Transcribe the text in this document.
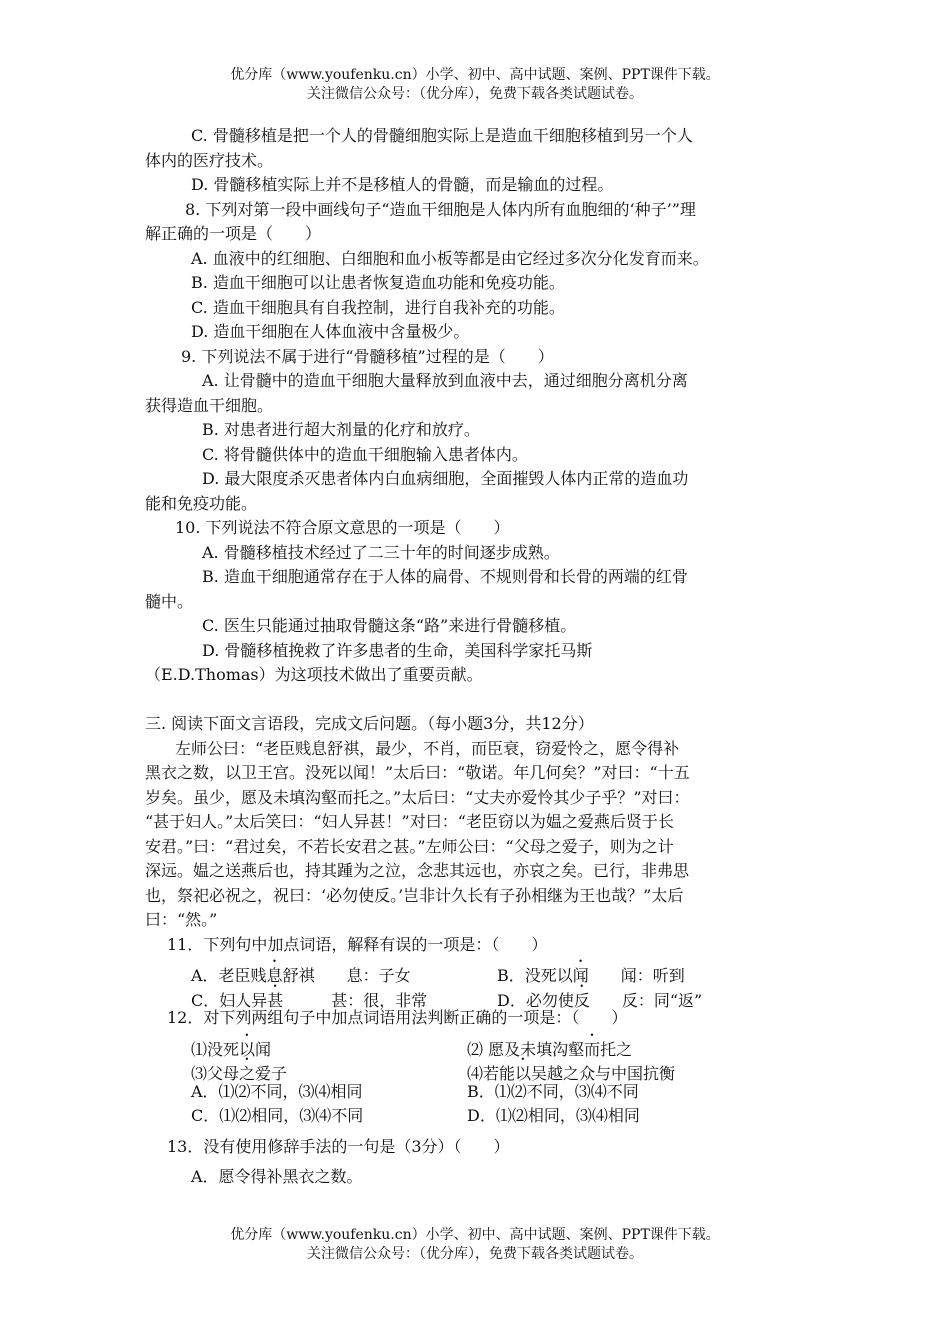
优分库（www.youfenku.cn）小学、初中、高中试题、案例、PPT课件下载。
关注微信公众号：（优分库），免费下载各类试题试卷。
C. 骨髓移植是把一个人的骨髓细胞实际上是造血干细胞移植到另一个人
体内的医疗技术。
D. 骨髓移植实际上并不是移植人的骨髓，而是输血的过程。
8. 下列对第一段中画线句子“造血干细胞是人体内所有血胞细的‘种子’”理
解正确的一项是（　　）
A. 血液中的红细胞、白细胞和血小板等都是由它经过多次分化发育而来。
B. 造血干细胞可以让患者恢复造血功能和免疫功能。
C. 造血干细胞具有自我控制，进行自我补充的功能。
D. 造血干细胞在人体血液中含量极少。
9. 下列说法不属于进行“骨髓移植”过程的是（　　）
A. 让骨髓中的造血干细胞大量释放到血液中去，通过细胞分离机分离
获得造血干细胞。
B. 对患者进行超大剂量的化疗和放疗。
C. 将骨髓供体中的造血干细胞输入患者体内。
D. 最大限度杀灭患者体内白血病细胞，全面摧毁人体内正常的造血功
能和免疫功能。
10. 下列说法不符合原文意思的一项是（　　）
A. 骨髓移植技术经过了二三十年的时间逐步成熟。
B. 造血干细胞通常存在于人体的扁骨、不规则骨和长骨的两端的红骨
髓中。
C. 医生只能通过抽取骨髓这条“路”来进行骨髓移植。
D. 骨髓移植挽救了许多患者的生命，美国科学家托马斯
（E.D.Thomas）为这项技术做出了重要贡献。
三. 阅读下面文言语段，完成文后问题。（每小题3分，共12分）
左师公曰：“老臣贱息舒祺，最少，不肖，而臣衰，窃爱怜之，愿令得补
黑衣之数，以卫王宫。没死以闻！”太后曰：“敬诺。年几何矣？”对曰：“十五
岁矣。虽少，愿及未填沟壑而托之。”太后曰：“丈夫亦爱怜其少子乎？”对曰：
“甚于妇人。”太后笑曰：“妇人异甚！”对曰：“老臣窃以为媪之爱燕后贤于长
安君。”曰：“君过矣，不若长安君之甚。”左师公曰：“父母之爱子，则为之计
深远。媪之送燕后也，持其踵为之泣，念悲其远也，亦哀之矣。已行，非弗思
也，祭祀必祝之，祝曰：‘必勿使反。’岂非计久长有子孙相继为王也哉？”太后
曰：“然。”
11．下列句中加点词语，解释有误的一项是：（　　）
A．老臣贱息舒祺 息：子女	B．没死以闻 闻：听到
C．妇人异甚	甚：很，非常	D．必勿使反 反：同“返”
12．对下列两组句子中加点词语用法判断正确的一项是：（　　）
⑴没死以闻	⑵ 愿及未填沟壑而托之
⑶父母之爱子	⑷若能以吴越之众与中国抗衡
A．⑴⑵不同，⑶⑷相同	B．⑴⑵不同，⑶⑷不同
C．⑴⑵相同，⑶⑷不同	D．⑴⑵相同，⑶⑷相同
13．没有使用修辞手法的一句是（3分）（　　）
A．愿令得补黑衣之数。
优分库（www.youfenku.cn）小学、初中、高中试题、案例、PPT课件下载。
关注微信公众号：（优分库），免费下载各类试题试卷。
